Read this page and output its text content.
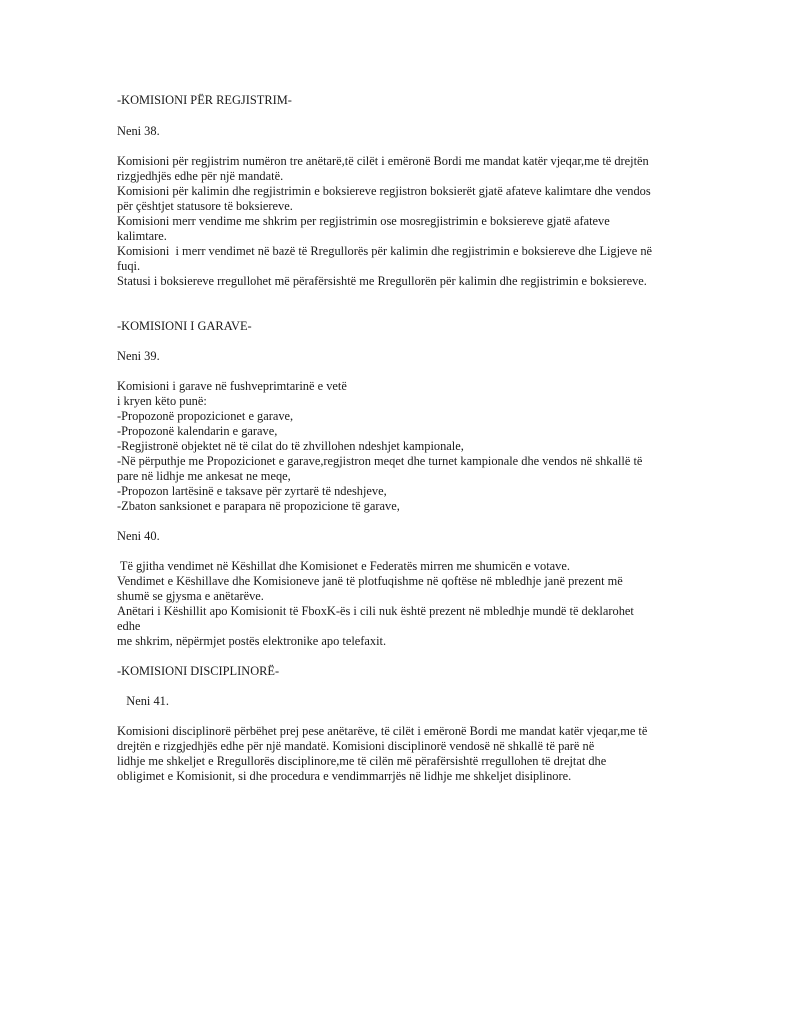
-KOMISIONI PËR REGJISTRIM-

Neni 38.

Komisioni për regjistrim numëron tre anëtarë,të cilët i emëronë Bordi me mandat katër vjeqar,me të drejtën

rizgjedhjës edhe për një mandatë.

Komisioni për kalimin dhe regjistrimin e boksiereve regjistron boksierët gjatë afateve kalimtare dhe vendos

për çështjet statusore të boksiereve.

Komisioni merr vendime me shkrim per regjistrimin ose mosregjistrimin e boksiereve gjatë afateve

kalimtare.

Komisioni  i merr vendimet në bazë të Rregullorës për kalimin dhe regjistrimin e boksiereve dhe Ligjeve në

fuqi.

Statusi i boksiereve rregullohet më përafërsishtë me Rregullorën për kalimin dhe regjistrimin e boksiereve.

-KOMISIONI I GARAVE-

Neni 39.

Komisioni i garave në fushveprimtarinë e vetë

i kryen këto punë:

-Propozonë propozicionet e garave,

-Propozonë kalendarin e garave,

-Regjistronë objektet në të cilat do të zhvillohen ndeshjet kampionale,

-Në përputhje me Propozicionet e garave,regjistron meqet dhe turnet kampionale dhe vendos në shkallë të

pare në lidhje me ankesat ne meqe,

-Propozon lartësinë e taksave për zyrtarë të ndeshjeve,

-Zbaton sanksionet e parapara në propozicione të garave,

Neni 40.

Të gjitha vendimet në Këshillat dhe Komisionet e Federatës mirren me shumicën e votave.

Vendimet e Këshillave dhe Komisioneve janë të plotfuqishme në qoftëse në mbledhje janë prezent më

shumë se gjysma e anëtarëve.

Anëtari i Këshillit apo Komisionit të FboxK-ës i cili nuk është prezent në mbledhje mundë të deklarohet

edhe

me shkrim, nëpërmjet postës elektronike apo telefaxit.

-KOMISIONI DISCIPLINORË-

Neni 41.

Komisioni disciplinorë përbëhet prej pese anëtarëve, të cilët i emëronë Bordi me mandat katër vjeqar,me të

drejtën e rizgjedhjës edhe për një mandatë. Komisioni disciplinorë vendosë në shkallë të parë në

lidhje me shkeljet e Rregullorës disciplinore,me të cilën më përafërsishtë rregullohen të drejtat dhe

obligimet e Komisionit, si dhe procedura e vendimmarrjës në lidhje me shkeljet disiplinore.
